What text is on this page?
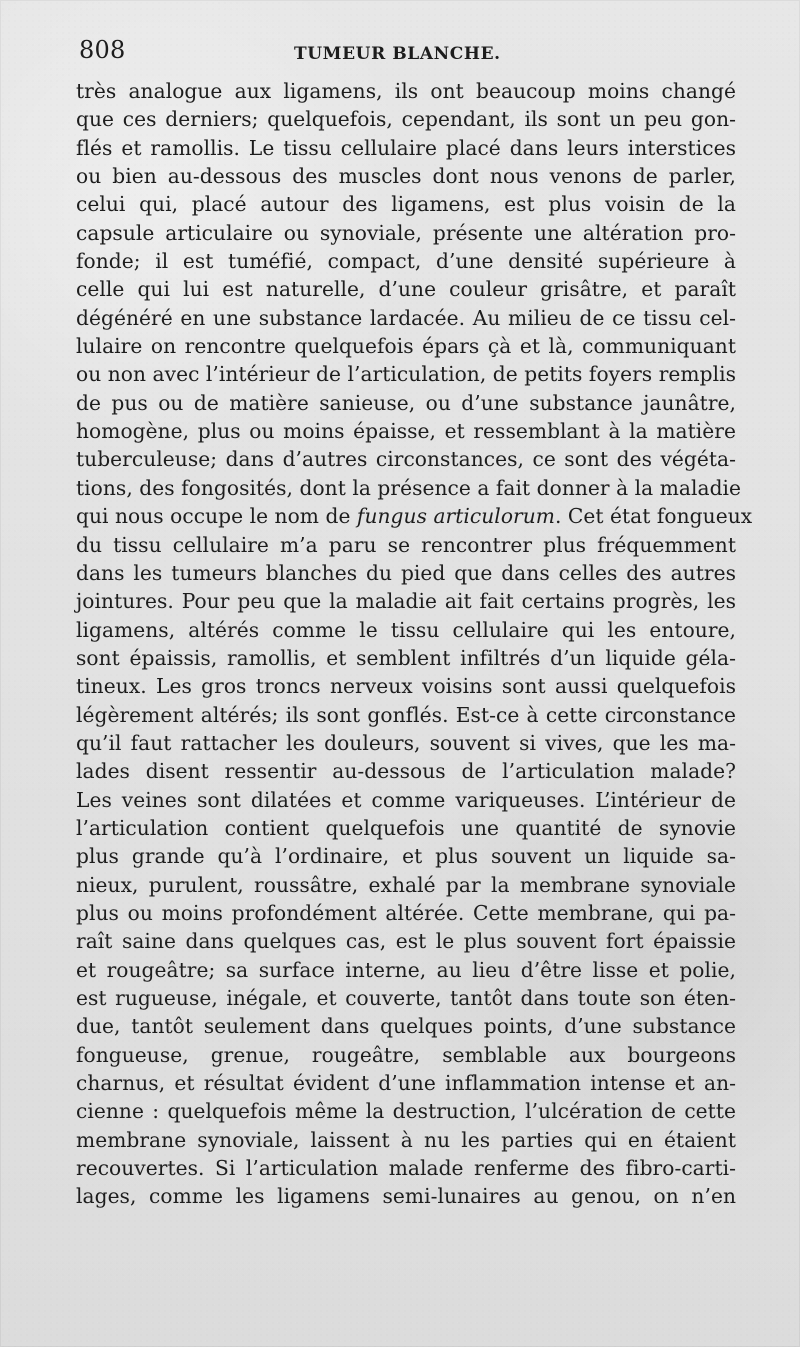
808	TUMEUR BLANCHE.
très analogue aux ligamens, ils ont beaucoup moins changé
que ces derniers; quelquefois, cependant, ils sont un peu gon-
flés et ramollis. Le tissu cellulaire placé dans leurs interstices
ou bien au-dessous des muscles dont nous venons de parler,
celui qui, placé autour des ligamens, est plus voisin de la
capsule articulaire ou synoviale, présente une altération pro-
fonde; il est tuméfié, compact, d’une densité supérieure à
celle qui lui est naturelle, d’une couleur grisâtre, et paraît
dégénéré en une substance lardacée. Au milieu de ce tissu cel-
lulaire on rencontre quelquefois épars çà et là, communiquant
ou non avec l’intérieur de l’articulation, de petits foyers remplis
de pus ou de matière sanieuse, ou d’une substance jaunâtre,
homogène, plus ou moins épaisse, et ressemblant à la matière
tuberculeuse; dans d’autres circonstances, ce sont des végéta-
tions, des fongosités, dont la présence a fait donner à la maladie
qui nous occupe le nom de fungus articulorum. Cet état fongueux
du tissu cellulaire m’a paru se rencontrer plus fréquemment
dans les tumeurs blanches du pied que dans celles des autres
jointures. Pour peu que la maladie ait fait certains progrès, les
ligamens, altérés comme le tissu cellulaire qui les entoure,
sont épaissis, ramollis, et semblent infiltrés d’un liquide géla-
tineux. Les gros troncs nerveux voisins sont aussi quelquefois
légèrement altérés; ils sont gonflés. Est-ce à cette circonstance
qu’il faut rattacher les douleurs, souvent si vives, que les ma-
lades disent ressentir au-dessous de l’articulation malade?
Les veines sont dilatées et comme variqueuses. L’intérieur de
l’articulation contient quelquefois une quantité de synovie
plus grande qu’à l’ordinaire, et plus souvent un liquide sa-
nieux, purulent, roussâtre, exhalé par la membrane synoviale
plus ou moins profondément altérée. Cette membrane, qui pa-
raît saine dans quelques cas, est le plus souvent fort épaissie
et rougeâtre; sa surface interne, au lieu d’être lisse et polie,
est rugueuse, inégale, et couverte, tantôt dans toute son éten-
due, tantôt seulement dans quelques points, d’une substance
fongueuse, grenue, rougeâtre, semblable aux bourgeons
charnus, et résultat évident d’une inflammation intense et an-
cienne : quelquefois même la destruction, l’ulcération de cette
membrane synoviale, laissent à nu les parties qui en étaient
recouvertes. Si l’articulation malade renferme des fibro-carti-
lages, comme les ligamens semi-lunaires au genou, on n’en
